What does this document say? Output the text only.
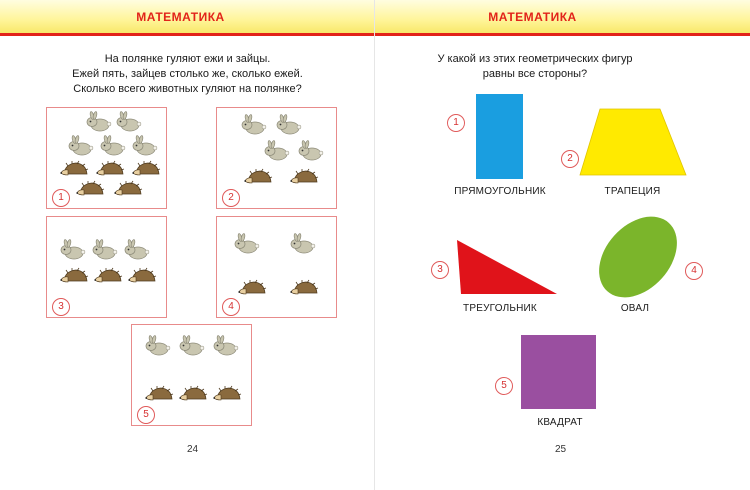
МАТЕМАТИКА
На полянке гуляют ежи и зайцы.
Ежей пять, зайцев столько же, сколько ежей.
Сколько всего животных гуляют на полянке?
1	2
3	4
5
24
МАТЕМАТИКА
У какой из этих геометрических фигур
равны все стороны?
1
ПРЯМОУГОЛЬНИК
2
ТРАПЕЦИЯ
3
ТРЕУГОЛЬНИК
4
ОВАЛ
5
КВАДРАТ
25
